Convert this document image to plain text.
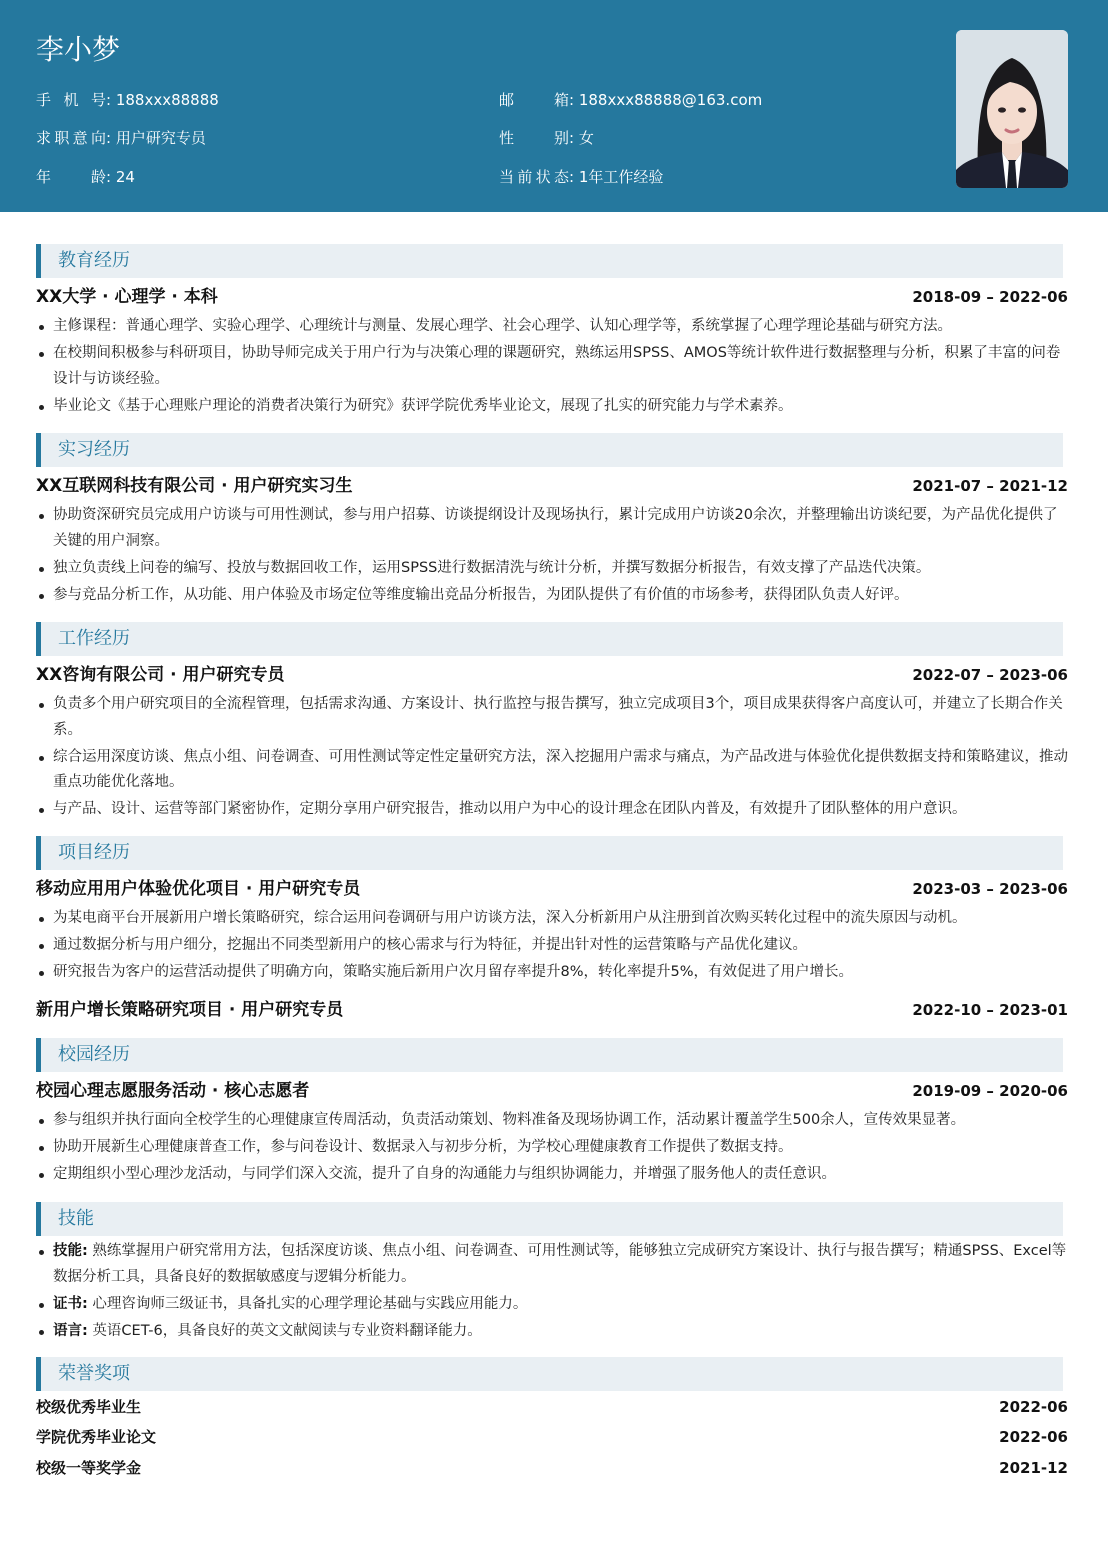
李小梦
手机号: 188xxx88888	邮箱: 188xxx88888@163.com
求职意向: 用户研究专员	性别: 女
年龄: 24	当前状态: 1年工作经验
教育经历
XX大学 · 心理学 · 本科	2018-09 – 2022-06
主修课程：普通心理学、实验心理学、心理统计与测量、发展心理学、社会心理学、认知心理学等，系统掌握了心理学理论基础与研究方法。
在校期间积极参与科研项目，协助导师完成关于用户行为与决策心理的课题研究，熟练运用SPSS、AMOS等统计软件进行数据整理与分析，积累了丰富的问卷设计与访谈经验。
毕业论文《基于心理账户理论的消费者决策行为研究》获评学院优秀毕业论文，展现了扎实的研究能力与学术素养。
实习经历
XX互联网科技有限公司 · 用户研究实习生	2021-07 – 2021-12
协助资深研究员完成用户访谈与可用性测试，参与用户招募、访谈提纲设计及现场执行，累计完成用户访谈20余次，并整理输出访谈纪要，为产品优化提供了关键的用户洞察。
独立负责线上问卷的编写、投放与数据回收工作，运用SPSS进行数据清洗与统计分析，并撰写数据分析报告，有效支撑了产品迭代决策。
参与竞品分析工作，从功能、用户体验及市场定位等维度输出竞品分析报告，为团队提供了有价值的市场参考，获得团队负责人好评。
工作经历
XX咨询有限公司 · 用户研究专员	2022-07 – 2023-06
负责多个用户研究项目的全流程管理，包括需求沟通、方案设计、执行监控与报告撰写，独立完成项目3个，项目成果获得客户高度认可，并建立了长期合作关系。
综合运用深度访谈、焦点小组、问卷调查、可用性测试等定性定量研究方法，深入挖掘用户需求与痛点，为产品改进与体验优化提供数据支持和策略建议，推动重点功能优化落地。
与产品、设计、运营等部门紧密协作，定期分享用户研究报告，推动以用户为中心的设计理念在团队内普及，有效提升了团队整体的用户意识。
项目经历
移动应用用户体验优化项目 · 用户研究专员	2023-03 – 2023-06
为某电商平台开展新用户增长策略研究，综合运用问卷调研与用户访谈方法，深入分析新用户从注册到首次购买转化过程中的流失原因与动机。
通过数据分析与用户细分，挖掘出不同类型新用户的核心需求与行为特征，并提出针对性的运营策略与产品优化建议。
研究报告为客户的运营活动提供了明确方向，策略实施后新用户次月留存率提升8%，转化率提升5%，有效促进了用户增长。
新用户增长策略研究项目 · 用户研究专员	2022-10 – 2023-01
校园经历
校园心理志愿服务活动 · 核心志愿者	2019-09 – 2020-06
参与组织并执行面向全校学生的心理健康宣传周活动，负责活动策划、物料准备及现场协调工作，活动累计覆盖学生500余人，宣传效果显著。
协助开展新生心理健康普查工作，参与问卷设计、数据录入与初步分析，为学校心理健康教育工作提供了数据支持。
定期组织小型心理沙龙活动，与同学们深入交流，提升了自身的沟通能力与组织协调能力，并增强了服务他人的责任意识。
技能
技能: 熟练掌握用户研究常用方法，包括深度访谈、焦点小组、问卷调查、可用性测试等，能够独立完成研究方案设计、执行与报告撰写；精通SPSS、Excel等数据分析工具，具备良好的数据敏感度与逻辑分析能力。
证书: 心理咨询师三级证书，具备扎实的心理学理论基础与实践应用能力。
语言: 英语CET-6，具备良好的英文文献阅读与专业资料翻译能力。
荣誉奖项
校级优秀毕业生	2022-06
学院优秀毕业论文	2022-06
校级一等奖学金	2021-12
